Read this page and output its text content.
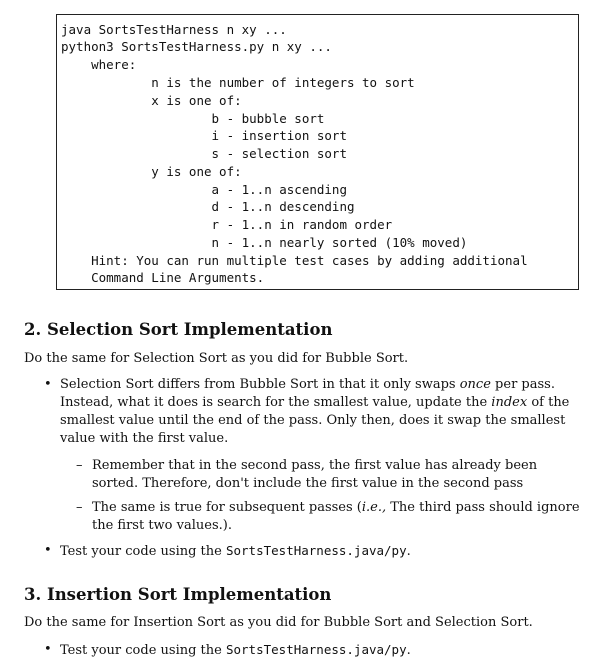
java SortsTestHarness n xy ...
python3 SortsTestHarness.py n xy ...
where:
n is the number of integers to sort
x is one of:
b - bubble sort
i - insertion sort
s - selection sort
y is one of:
a - 1..n ascending
d - 1..n descending
r - 1..n in random order
n - 1..n nearly sorted (10% moved)
Hint: You can run multiple test cases by adding additional
Command Line Arguments.
2. Selection Sort Implementation
Do the same for Selection Sort as you did for Bubble Sort.
• Selection Sort differs from Bubble Sort in that it only swaps once per pass. Instead, what it does is search for the smallest value, update the index of the smallest value until the end of the pass. Only then, does it swap the smallest value with the first value.
– Remember that in the second pass, the first value has already been sorted. Therefore, don't include the first value in the second pass
– The same is true for subsequent passes (i.e., The third pass should ignore the first two values.).
• Test your code using the SortsTestHarness.java/py.
3. Insertion Sort Implementation
Do the same for Insertion Sort as you did for Bubble Sort and Selection Sort.
• Test your code using the SortsTestHarness.java/py.
